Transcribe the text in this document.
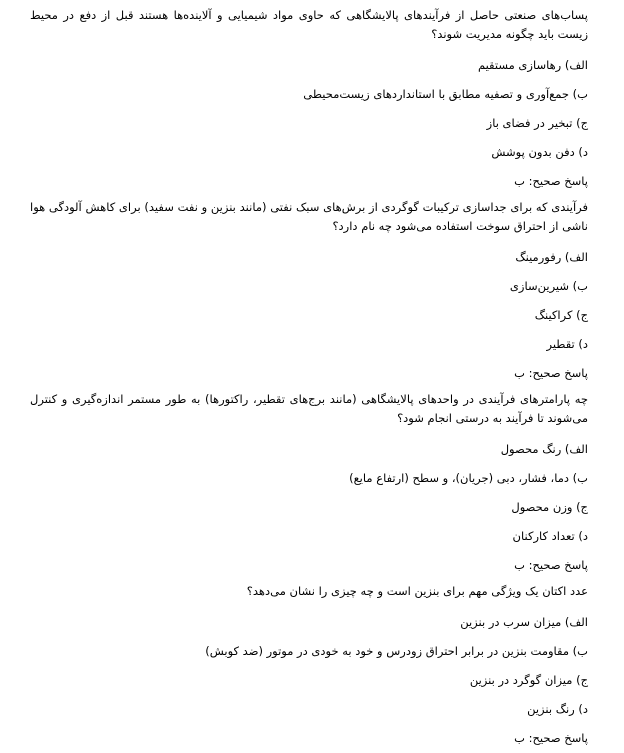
پساب‌های صنعتی حاصل از فرآیندهای پالایشگاهی که حاوی مواد شیمیایی و آلاینده‌ها هستند قبل از دفع در محیط زیست باید چگونه مدیریت شوند؟
الف) رهاسازی مستقیم
ب) جمع‌آوری و تصفیه مطابق با استانداردهای زیست‌محیطی
ج) تبخیر در فضای باز
د) دفن بدون پوشش
پاسخ صحیح: ب
فرآیندی که برای جداسازی ترکیبات گوگردی از برش‌های سبک نفتی (مانند بنزین و نفت سفید) برای کاهش آلودگی هوا ناشی از احتراق سوخت استفاده می‌شود چه نام دارد؟
الف) رفورمینگ
ب) شیرین‌سازی
ج) کراکینگ
د) تقطیر
پاسخ صحیح: ب
چه پارامترهای فرآیندی در واحدهای پالایشگاهی (مانند برج‌های تقطیر، راکتورها) به طور مستمر اندازه‌گیری و کنترل می‌شوند تا فرآیند به درستی انجام شود؟
الف) رنگ محصول
ب) دما، فشار، دبی (جریان)، و سطح (ارتفاع مایع)
ج) وزن محصول
د) تعداد کارکنان
پاسخ صحیح: ب
عدد اکتان یک ویژگی مهم برای بنزین است و چه چیزی را نشان می‌دهد؟
الف) میزان سرب در بنزین
ب) مقاومت بنزین در برابر احتراق زودرس و خود به خودی در موتور (ضد کوبش)
ج) میزان گوگرد در بنزین
د) رنگ بنزین
پاسخ صحیح: ب
